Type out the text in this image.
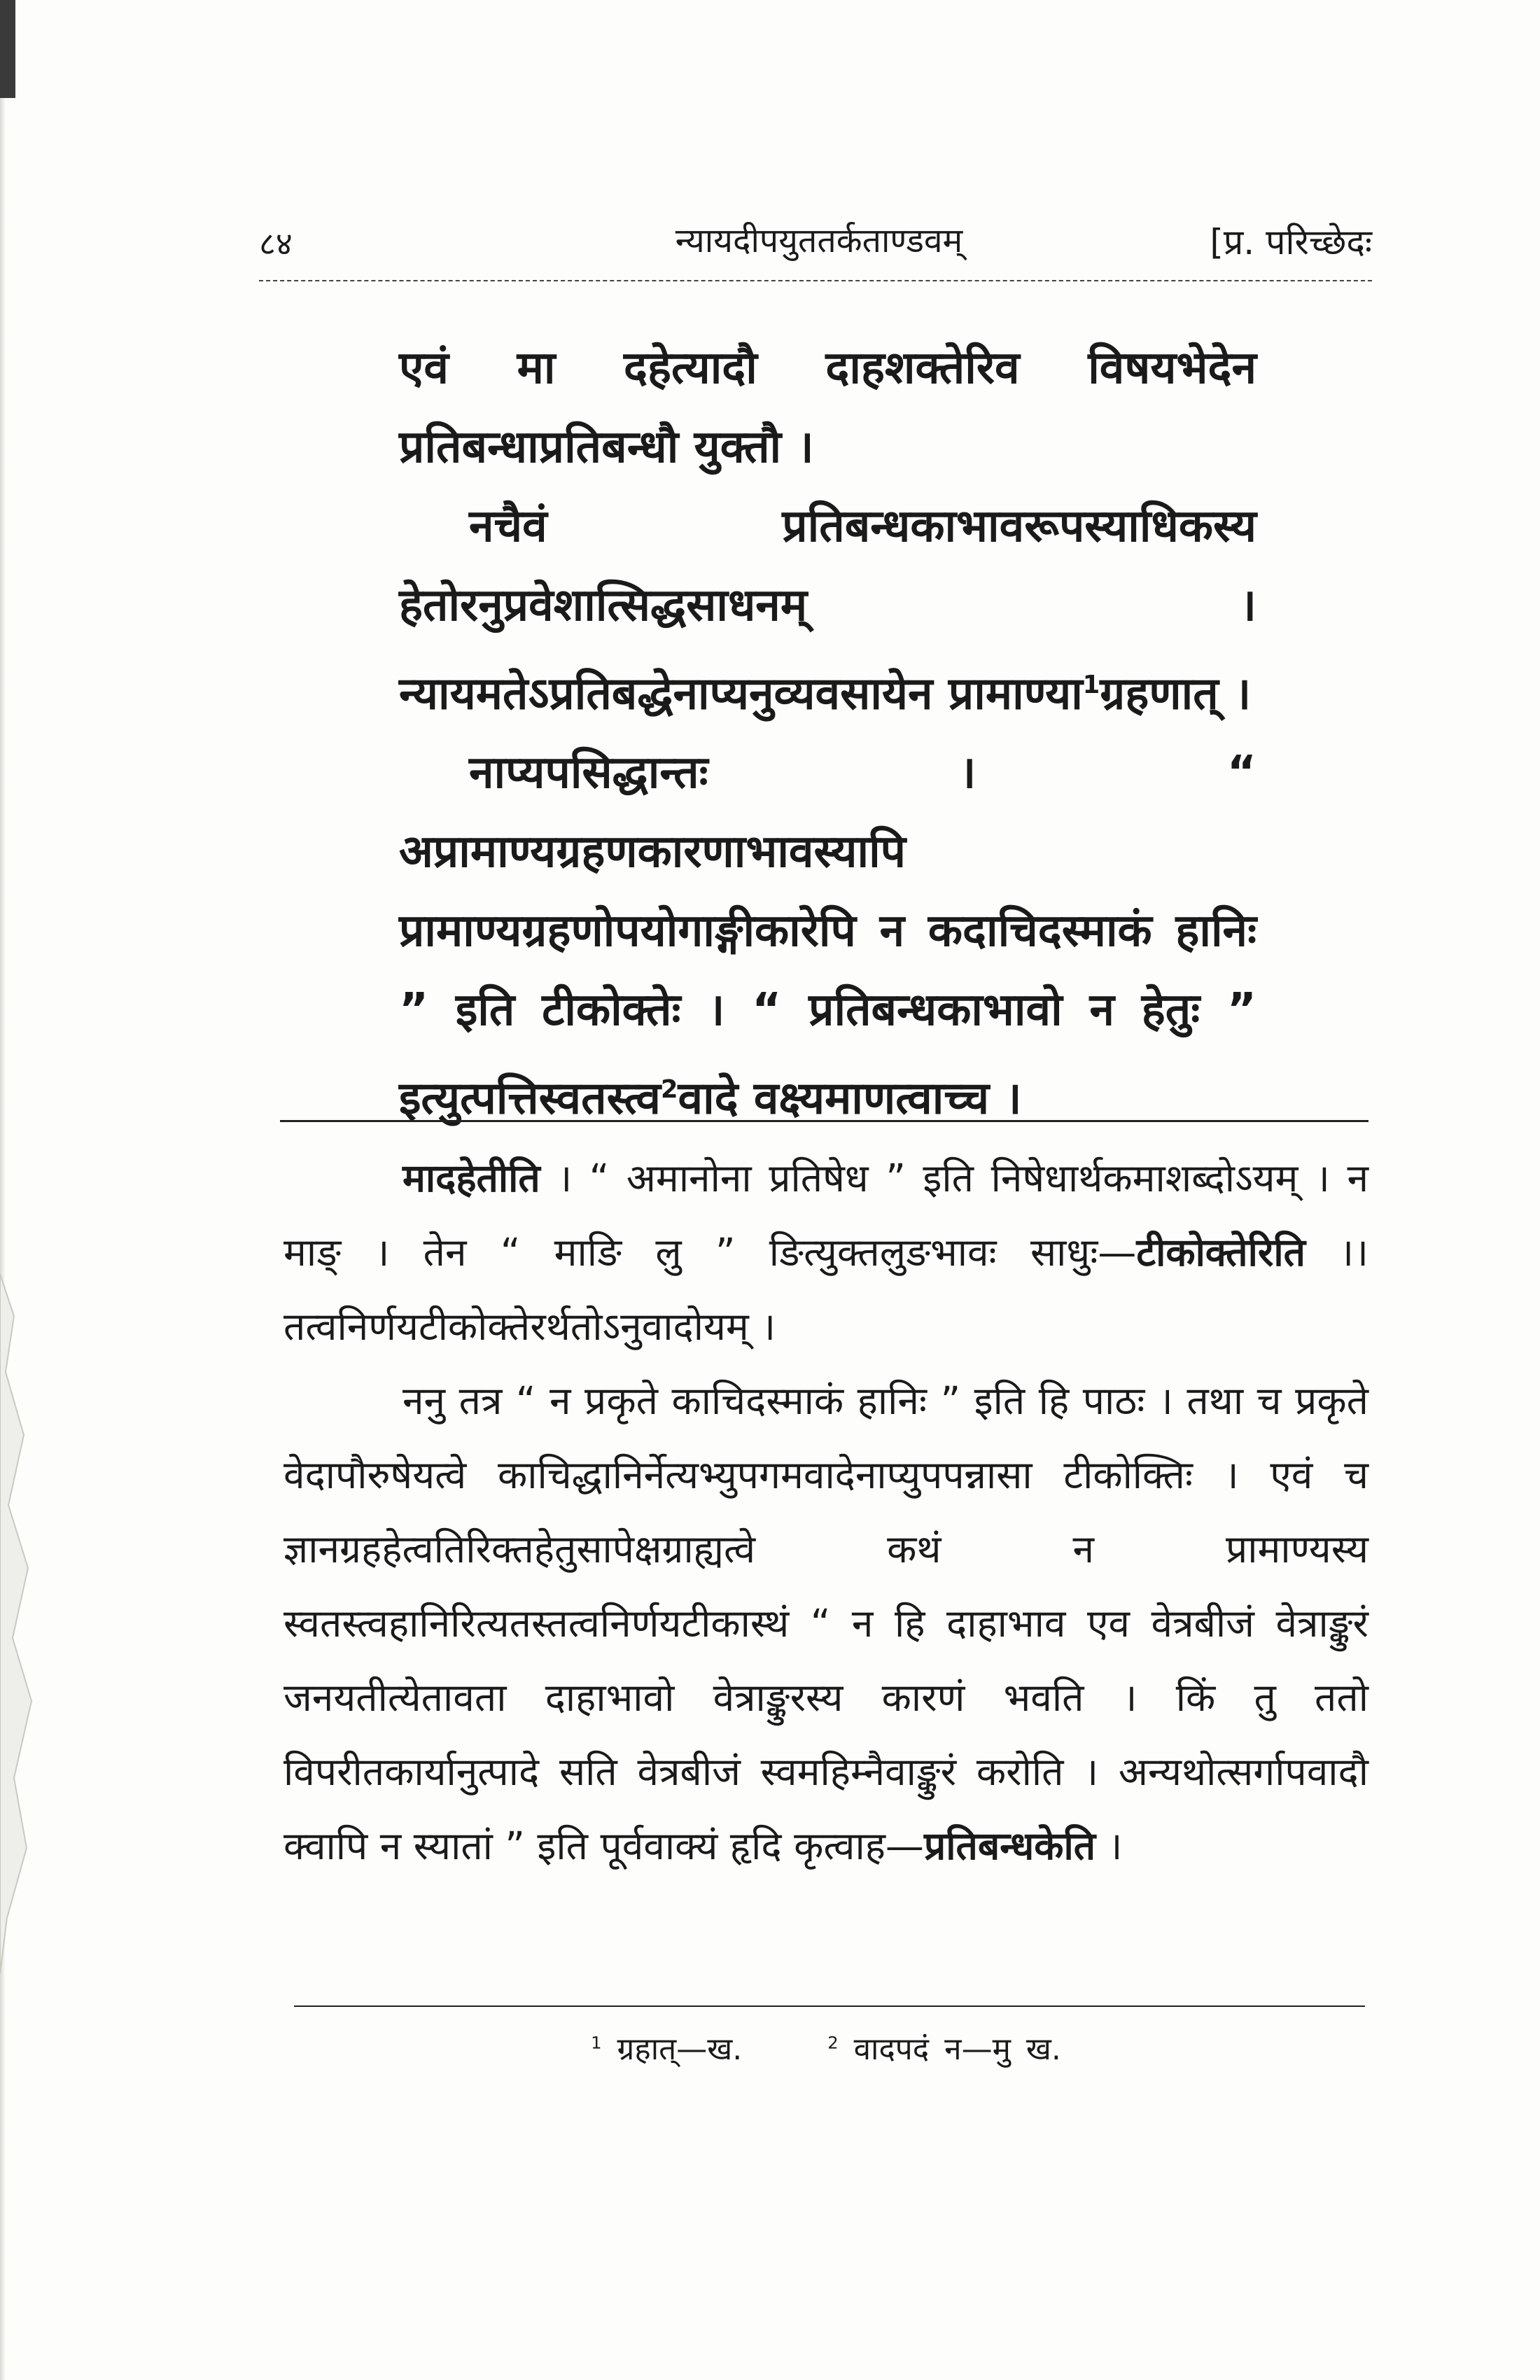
८४	न्यायदीपयुततर्कताण्डवम्	[प्र. परिच्छेदः

एवं मा दहेत्यादौ दाहशक्तेरिव विषयभेदेन प्रतिबन्धाप्रतिबन्धौ युक्तौ ।

नचैवं प्रतिबन्धकाभावरूपस्याधिकस्य हेतोरनुप्रवेशात्सिद्धसाधनम् । न्यायमतेऽप्रतिबद्धेनाप्यनुव्यवसायेन प्रामाण्या$^1$ग्रहणात् ।

नाप्यपसिद्धान्तः । “ अप्रामाण्यग्रहणकारणाभावस्यापि प्रामाण्यग्रहणोपयोगाङ्गीकारेपि न कदाचिदस्माकं हानिः ” इति टीकोक्तेः । “ प्रतिबन्धकाभावो न हेतुः ” इत्युत्पत्तिस्वतस्त्व$^2$वादे वक्ष्यमाणत्वाच्च ।

मादहेतीति । “ अमानोना प्रतिषेध ” इति निषेधार्थकमाशब्दोऽयम् । न माङ् । तेन “ माङि लु ” ङित्युक्तलुङभावः साधुः—टीकोक्तेरिति ।। तत्वनिर्णयटीकोक्तेरर्थतोऽनुवादोयम् ।

ननु तत्र “ न प्रकृते काचिदस्माकं हानिः ” इति हि पाठः । तथा च प्रकृते वेदापौरुषेयत्वे काचिद्धानिर्नेत्यभ्युपगमवादेनाप्युपपन्नासा टीकोक्तिः । एवं च ज्ञानग्रहहेत्वतिरिक्तहेतुसापेक्षग्राह्यत्वे कथं न प्रामाण्यस्य स्वतस्त्वहानिरित्यतस्तत्वनिर्णयटीकास्थं “ न हि दाहाभाव एव वेत्रबीजं वेत्राङ्कुरं जनयतीत्येतावता दाहाभावो वेत्राङ्कुरस्य कारणं भवति । किं तु ततो विपरीतकार्यानुत्पादे सति वेत्रबीजं स्वमहिम्नैवाङ्कुरं करोति । अन्यथोत्सर्गापवादौ क्वापि न स्यातां ” इति पूर्ववाक्यं हृदि कृत्वाह—प्रतिबन्धकेति ।

$^1$ ग्रहात्—ख.	$^2$ वादपदं न—मु ख.
